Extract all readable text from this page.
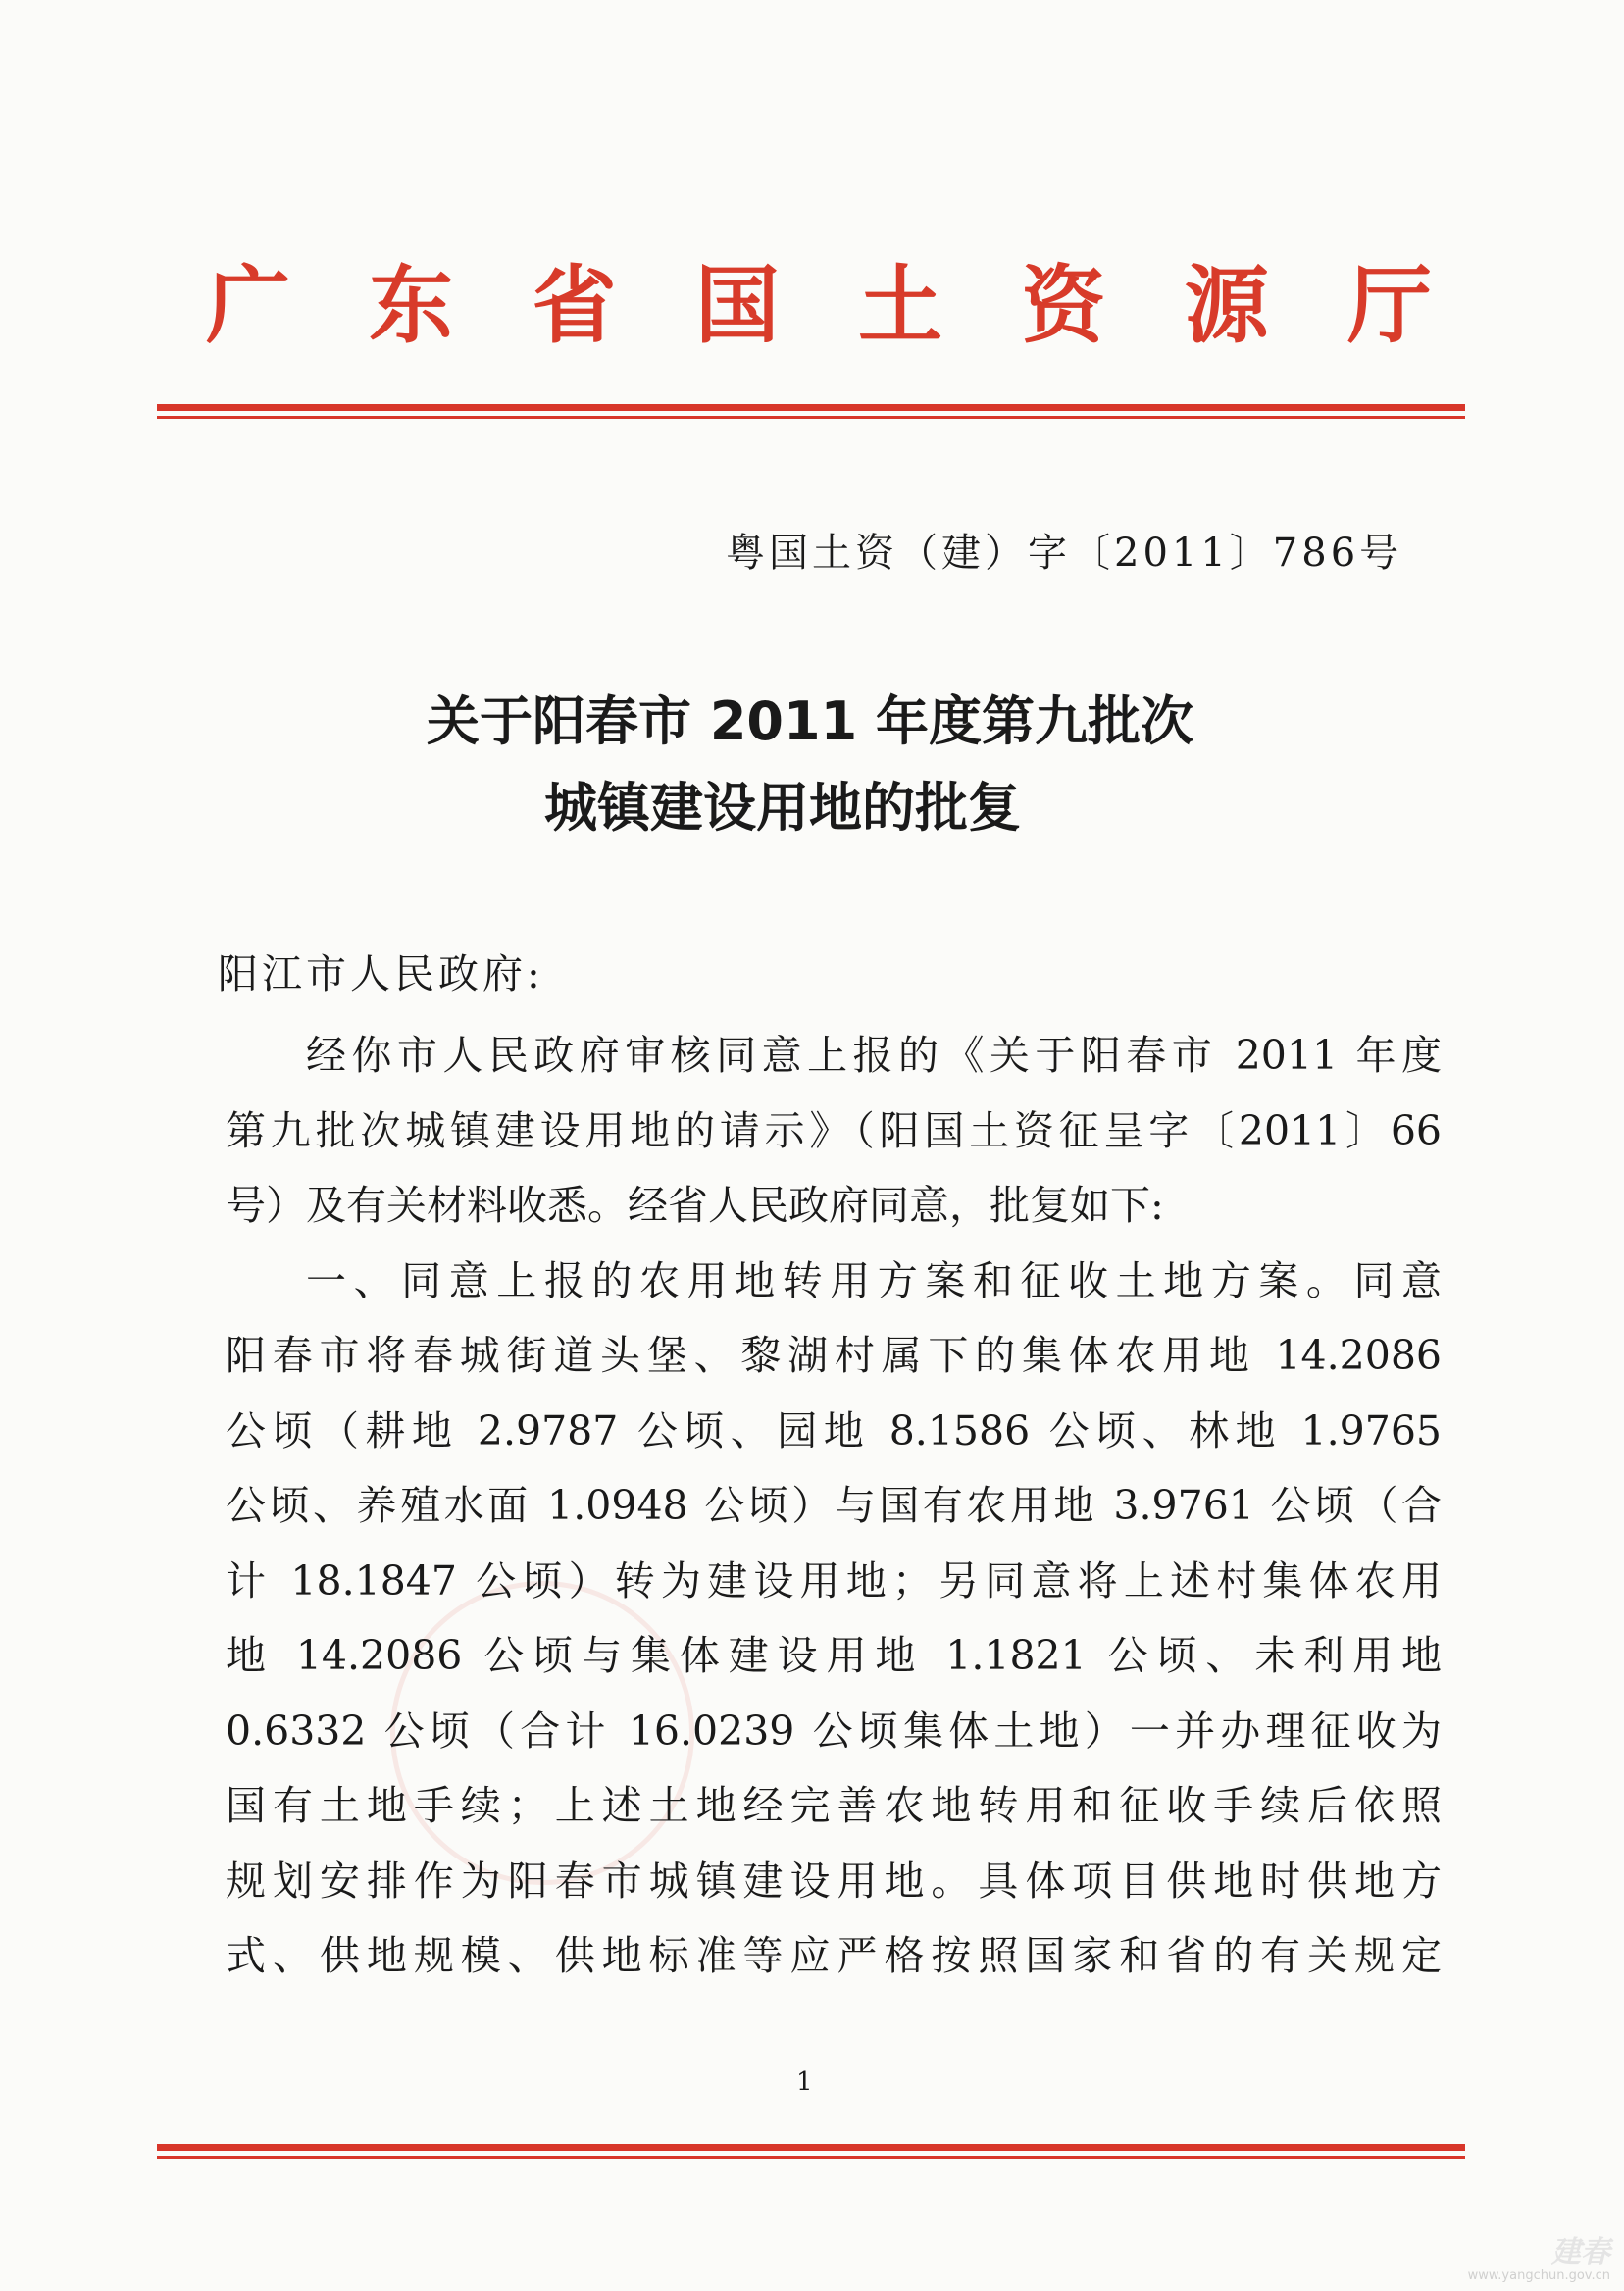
广 东 省 国 土 资 源 厅
粤国土资（建）字〔2011〕786号
关于阳春市 2011 年度第九批次
城镇建设用地的批复
阳江市人民政府:
经你市人民政府审核同意上报的《关于阳春市 2011 年度
第九批次城镇建设用地的请示》（阳国土资征呈字〔2011〕66
号）及有关材料收悉。经省人民政府同意，批复如下:
一、同意上报的农用地转用方案和征收土地方案。同意
阳春市将春城街道头堡、黎湖村属下的集体农用地 14.2086
公顷（耕地 2.9787 公顷、园地 8.1586 公顷、林地 1.9765
公顷、养殖水面 1.0948 公顷）与国有农用地 3.9761 公顷（合
计 18.1847 公顷）转为建设用地；另同意将上述村集体农用
地 14.2086 公顷与集体建设用地 1.1821 公顷、未利用地
0.6332 公顷（合计 16.0239 公顷集体土地）一并办理征收为
国有土地手续；上述土地经完善农地转用和征收手续后依照
规划安排作为阳春市城镇建设用地。具体项目供地时供地方
式、供地规模、供地标准等应严格按照国家和省的有关规定
1
建春
www.yangchun.gov.cn
